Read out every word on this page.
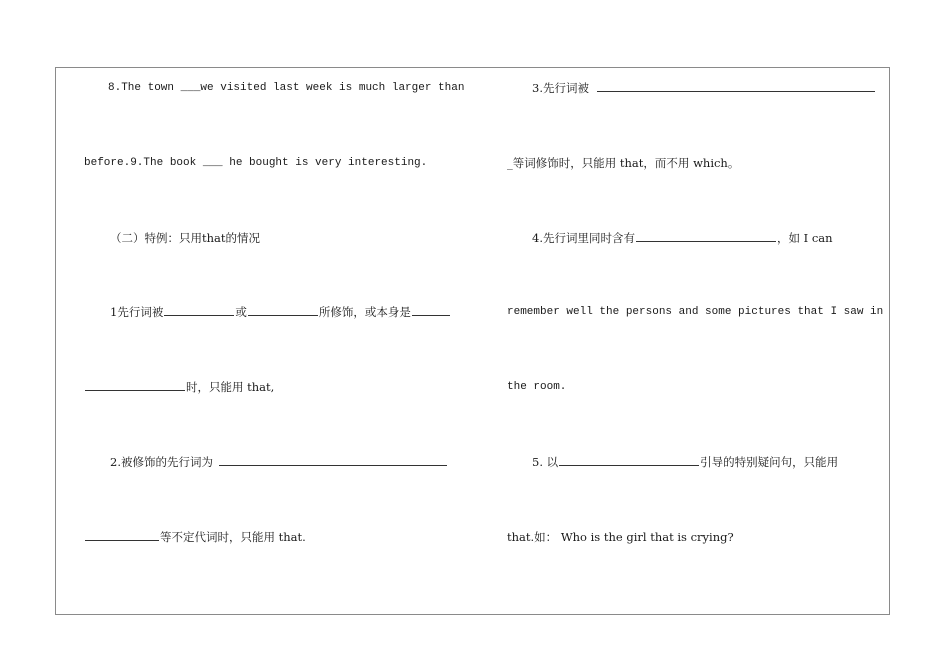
8.The town ___we visited last week is much larger than
before.9.The book ___ he bought is very interesting.
（二）特例：只用that的情况
1先行词被	或	所修饰，或本身是
时，只能用 that,
2.被修饰的先行词为
等不定代词时，只能用 that.
3.先行词被
_等词修饰时，只能用 that，而不用 which。
4.先行词里同时含有	，如 I can
remember well the persons and some pictures that I saw in
the room.
5. 以	引导的特别疑问句，只能用
that.如： Who is the girl that is crying?
